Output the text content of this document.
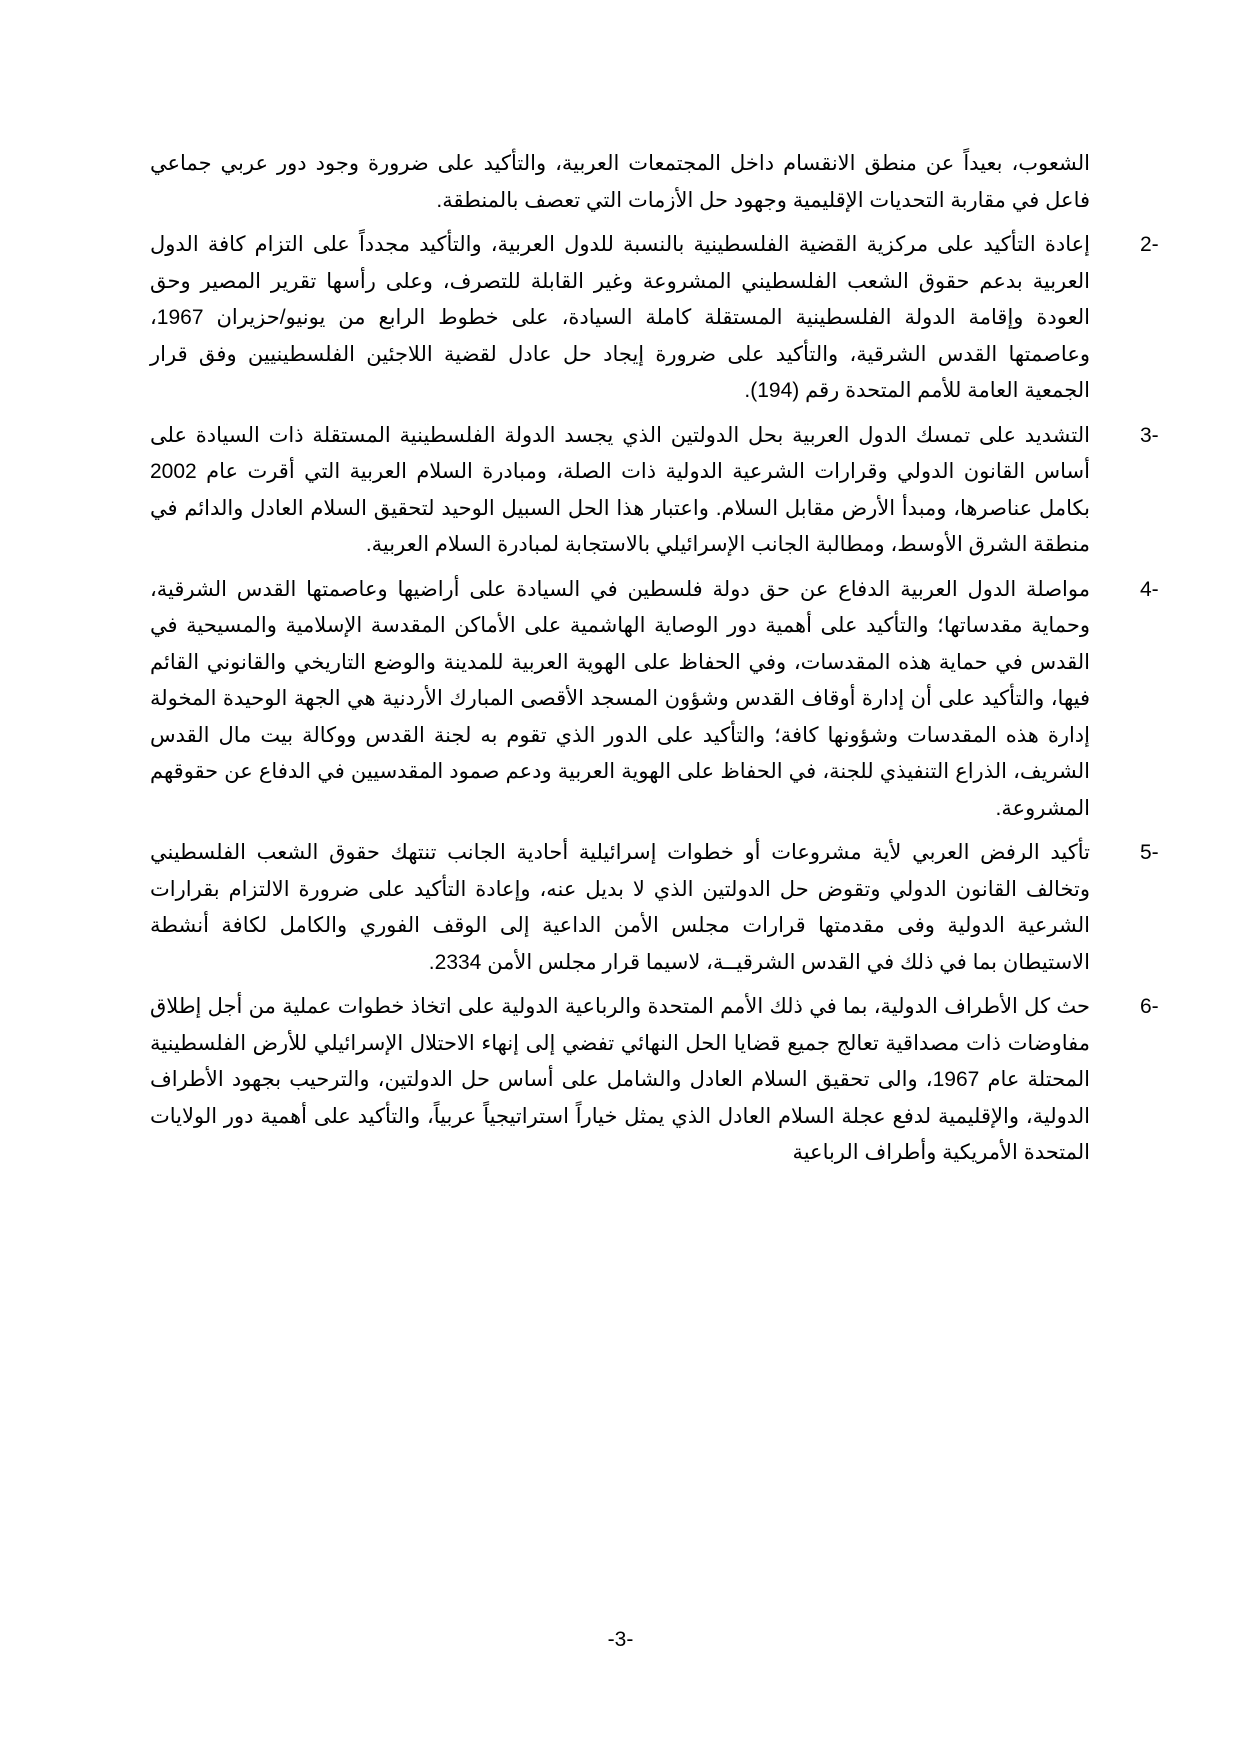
الشعوب، بعيداً عن منطق الانقسام داخل المجتمعات العربية، والتأكيد على ضرورة وجود دور عربي جماعي فاعل في مقاربة التحديات الإقليمية وجهود حل الأزمات التي تعصف بالمنطقة.

2-

إعادة التأكيد على مركزية القضية الفلسطينية بالنسبة للدول العربية، والتأكيد مجدداً على التزام كافة الدول العربية بدعم حقوق الشعب الفلسطيني المشروعة وغير القابلة للتصرف، وعلى رأسها تقرير المصير وحق العودة وإقامة الدولة الفلسطينية المستقلة كاملة السيادة، على خطوط الرابع من يونيو/حزيران 1967، وعاصمتها القدس الشرقية، والتأكيد على ضرورة إيجاد حل عادل لقضية اللاجئين الفلسطينيين وفق قرار الجمعية العامة للأمم المتحدة رقم (194).

3-

التشديد على تمسك الدول العربية بحل الدولتين الذي يجسد الدولة الفلسطينية المستقلة ذات السيادة على أساس القانون الدولي وقرارات الشرعية الدولية ذات الصلة، ومبادرة السلام العربية التي أقرت عام 2002 بكامل عناصرها، ومبدأ الأرض مقابل السلام. واعتبار هذا الحل السبيل الوحيد لتحقيق السلام العادل والدائم في منطقة الشرق الأوسط، ومطالبة الجانب الإسرائيلي بالاستجابة لمبادرة السلام العربية.

4-

مواصلة الدول العربية الدفاع عن حق دولة فلسطين في السيادة على أراضيها وعاصمتها القدس الشرقية، وحماية مقدساتها؛ والتأكيد على أهمية دور الوصاية الهاشمية على الأماكن المقدسة الإسلامية والمسيحية في القدس في حماية هذه المقدسات، وفي الحفاظ على الهوية العربية للمدينة والوضع التاريخي والقانوني القائم فيها، والتأكيد على أن إدارة أوقاف القدس وشؤون المسجد الأقصى المبارك الأردنية هي الجهة الوحيدة المخولة إدارة هذه المقدسات وشؤونها كافة؛ والتأكيد على الدور الذي تقوم به لجنة القدس ووكالة بيت مال القدس الشريف، الذراع التنفيذي للجنة، في الحفاظ على الهوية العربية ودعم صمود المقدسيين في الدفاع عن حقوقهم المشروعة.

5-

تأكيد الرفض العربي لأية مشروعات أو خطوات إسرائيلية أحادية الجانب تنتهك حقوق الشعب الفلسطيني وتخالف القانون الدولي وتقوض حل الدولتين الذي لا بديل عنه، وإعادة التأكيد على ضرورة الالتزام بقرارات الشرعية الدولية وفى مقدمتها قرارات مجلس الأمن الداعية إلى الوقف الفوري والكامل لكافة أنشطة الاستيطان بما في ذلك في القدس الشرقيــة، لاسيما قرار مجلس الأمن 2334.

6-

حث كل الأطراف الدولية، بما في ذلك الأمم المتحدة والرباعية الدولية على اتخاذ خطوات عملية من أجل إطلاق مفاوضات ذات مصداقية تعالج جميع قضايا الحل النهائي تفضي إلى إنهاء الاحتلال الإسرائيلي للأرض الفلسطينية المحتلة عام 1967، والى تحقيق السلام العادل والشامل على أساس حل الدولتين، والترحيب بجهود الأطراف الدولية، والإقليمية لدفع عجلة السلام العادل الذي يمثل خياراً استراتيجياً عربياً، والتأكيد على أهمية دور الولايات المتحدة الأمريكية وأطراف الرباعية

-3-
